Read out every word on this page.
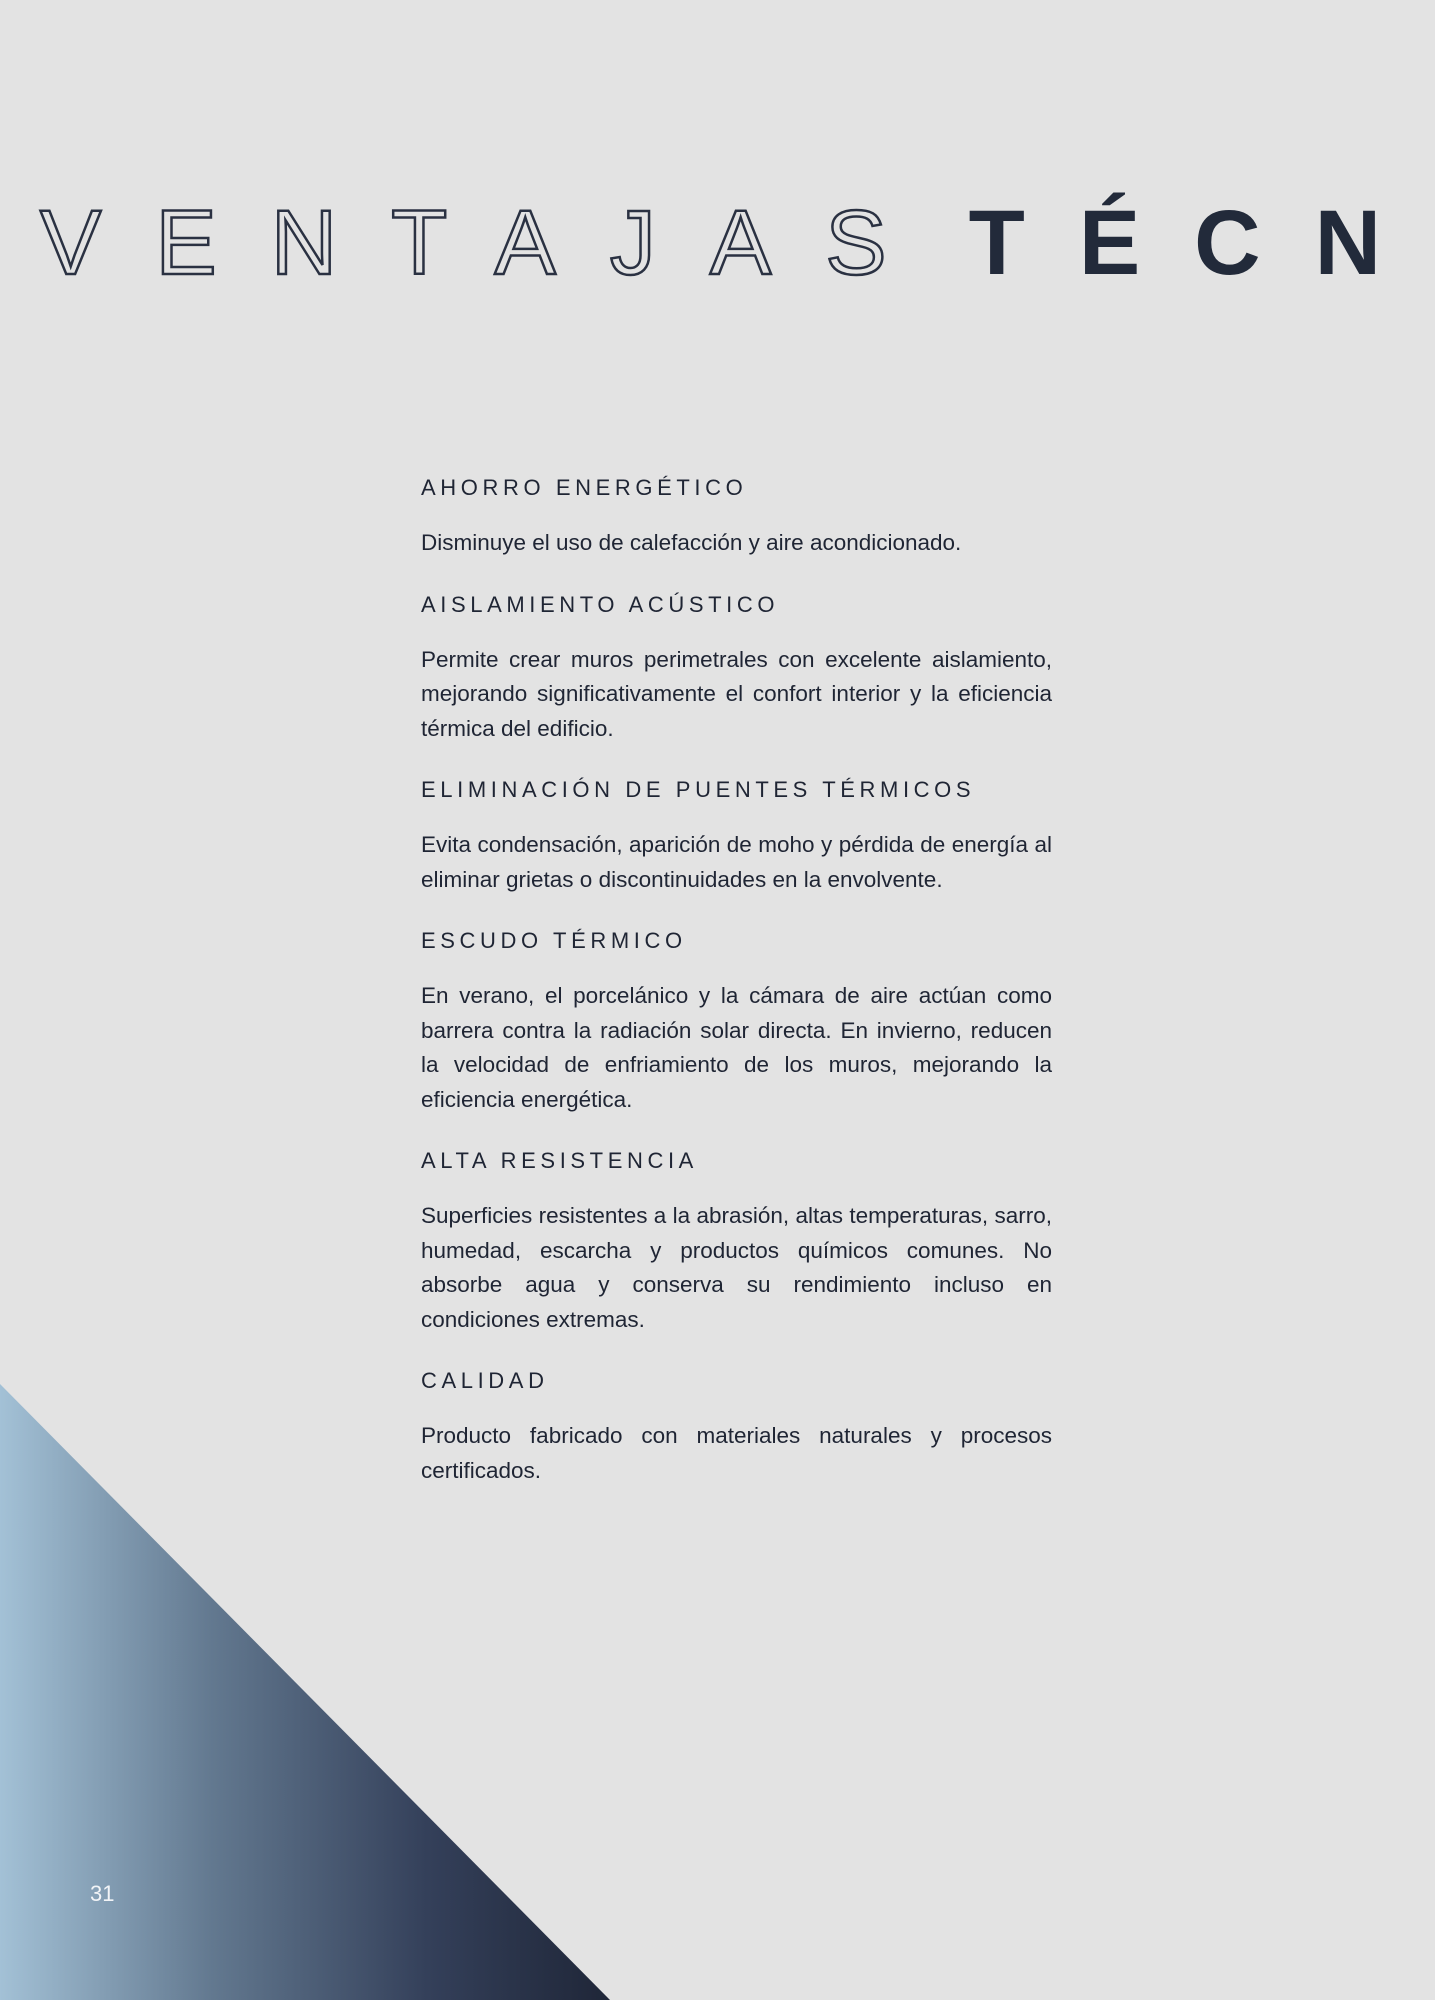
VENTAJAS TÉCN
AHORRO ENERGÉTICO

Disminuye el uso de calefacción y aire acondicionado.

AISLAMIENTO ACÚSTICO

Permite crear muros perimetrales con excelente aislamiento, mejorando significativamente el confort interior y la eficiencia térmica del edificio.

ELIMINACIÓN DE PUENTES TÉRMICOS

Evita condensación, aparición de moho y pérdida de energía al eliminar grietas o discontinuidades en la envolvente.

ESCUDO TÉRMICO

En verano, el porcelánico y la cámara de aire actúan como barrera contra la radiación solar directa. En invierno, reducen la velocidad de enfriamiento de los muros, mejorando la eficiencia energética.

ALTA RESISTENCIA

Superficies resistentes a la abrasión, altas temperaturas, sarro, humedad, escarcha y productos químicos comunes. No absorbe agua y conserva su rendimiento incluso en condiciones extremas.

CALIDAD

Producto fabricado con materiales naturales y procesos certificados.

31
